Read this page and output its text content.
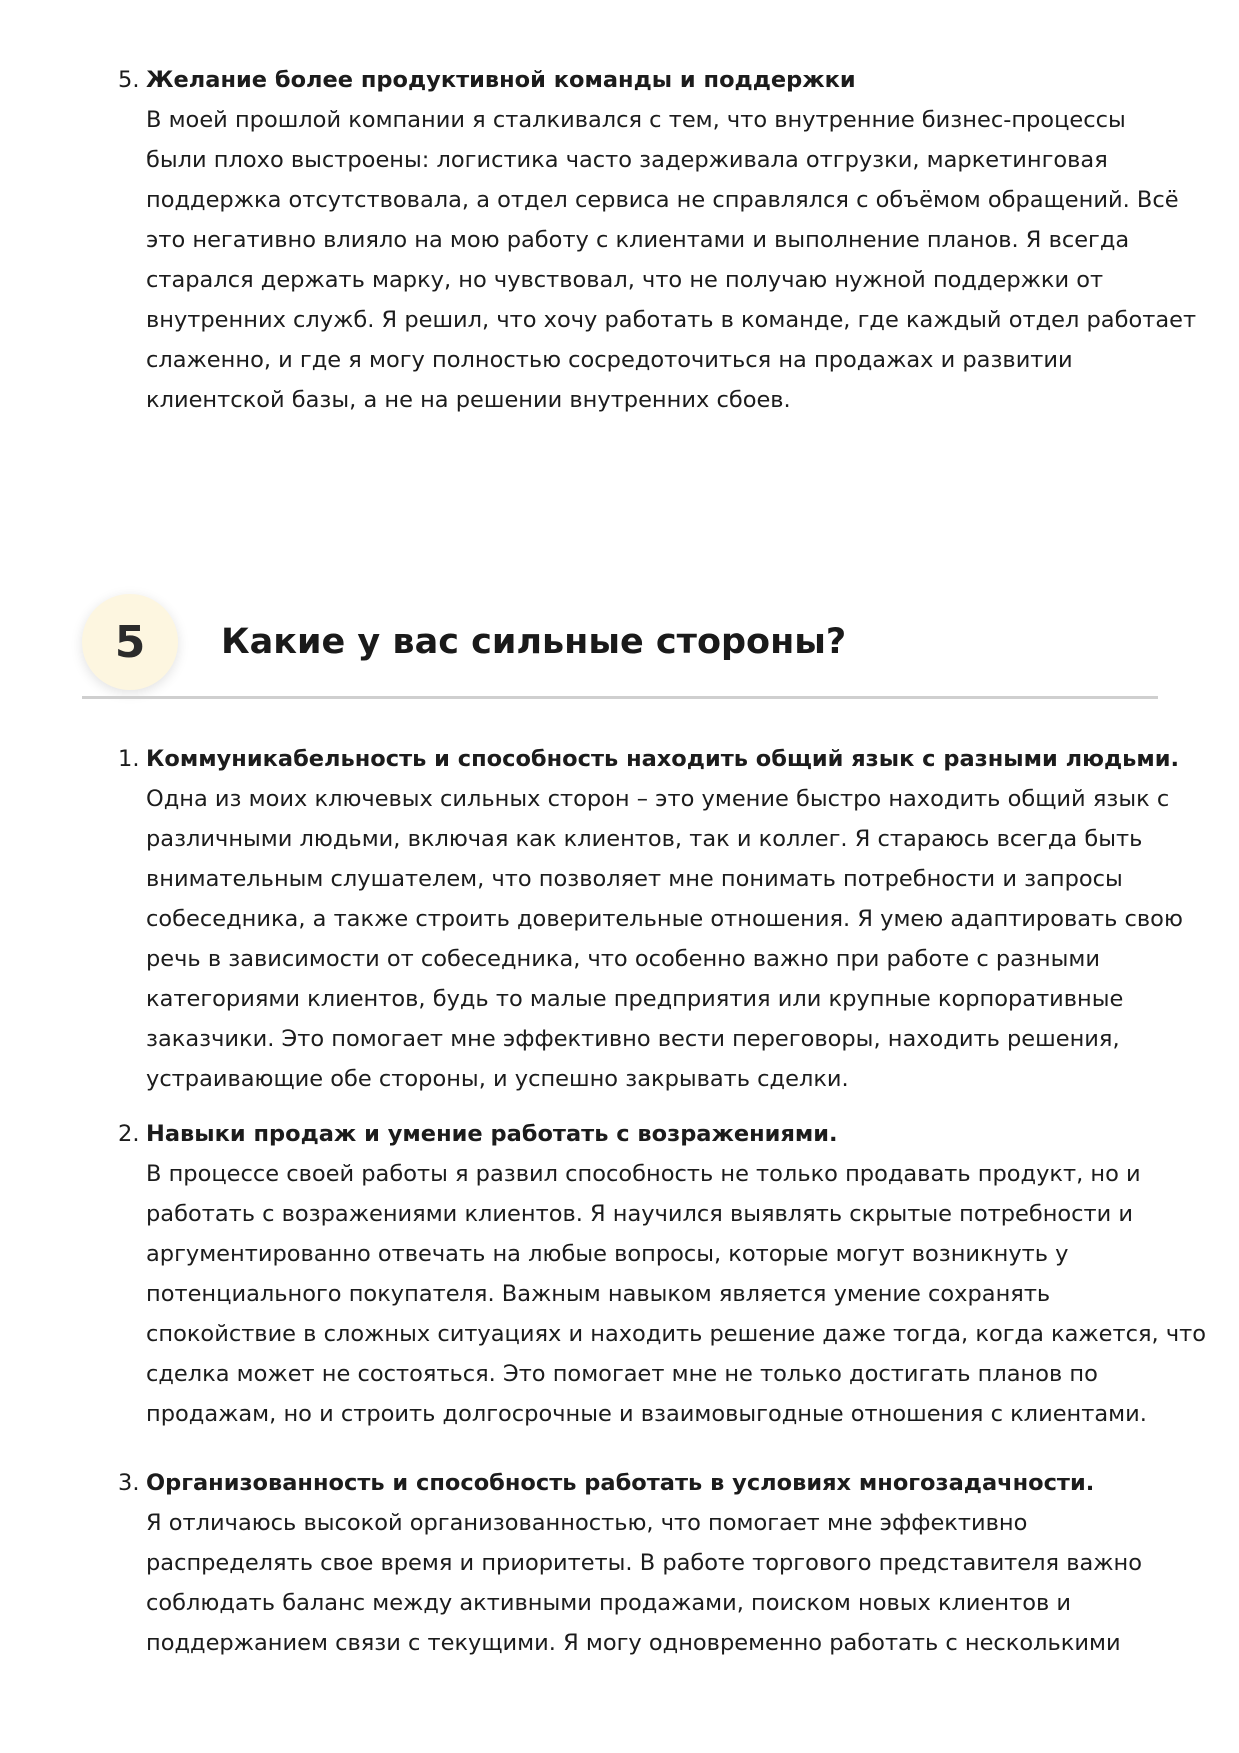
5. Желание более продуктивной команды и поддержки
В моей прошлой компании я сталкивался с тем, что внутренние бизнес-процессы
были плохо выстроены: логистика часто задерживала отгрузки, маркетинговая
поддержка отсутствовала, а отдел сервиса не справлялся с объёмом обращений. Всё
это негативно влияло на мою работу с клиентами и выполнение планов. Я всегда
старался держать марку, но чувствовал, что не получаю нужной поддержки от
внутренних служб. Я решил, что хочу работать в команде, где каждый отдел работает
слаженно, и где я могу полностью сосредоточиться на продажах и развитии
клиентской базы, а не на решении внутренних сбоев.
5	Какие у вас сильные стороны?
1. Коммуникабельность и способность находить общий язык с разными людьми.
Одна из моих ключевых сильных сторон – это умение быстро находить общий язык с
различными людьми, включая как клиентов, так и коллег. Я стараюсь всегда быть
внимательным слушателем, что позволяет мне понимать потребности и запросы
собеседника, а также строить доверительные отношения. Я умею адаптировать свою
речь в зависимости от собеседника, что особенно важно при работе с разными
категориями клиентов, будь то малые предприятия или крупные корпоративные
заказчики. Это помогает мне эффективно вести переговоры, находить решения,
устраивающие обе стороны, и успешно закрывать сделки.
2. Навыки продаж и умение работать с возражениями.
В процессе своей работы я развил способность не только продавать продукт, но и
работать с возражениями клиентов. Я научился выявлять скрытые потребности и
аргументированно отвечать на любые вопросы, которые могут возникнуть у
потенциального покупателя. Важным навыком является умение сохранять
спокойствие в сложных ситуациях и находить решение даже тогда, когда кажется, что
сделка может не состояться. Это помогает мне не только достигать планов по
продажам, но и строить долгосрочные и взаимовыгодные отношения с клиентами.
3. Организованность и способность работать в условиях многозадачности.
Я отличаюсь высокой организованностью, что помогает мне эффективно
распределять свое время и приоритеты. В работе торгового представителя важно
соблюдать баланс между активными продажами, поиском новых клиентов и
поддержанием связи с текущими. Я могу одновременно работать с несколькими
